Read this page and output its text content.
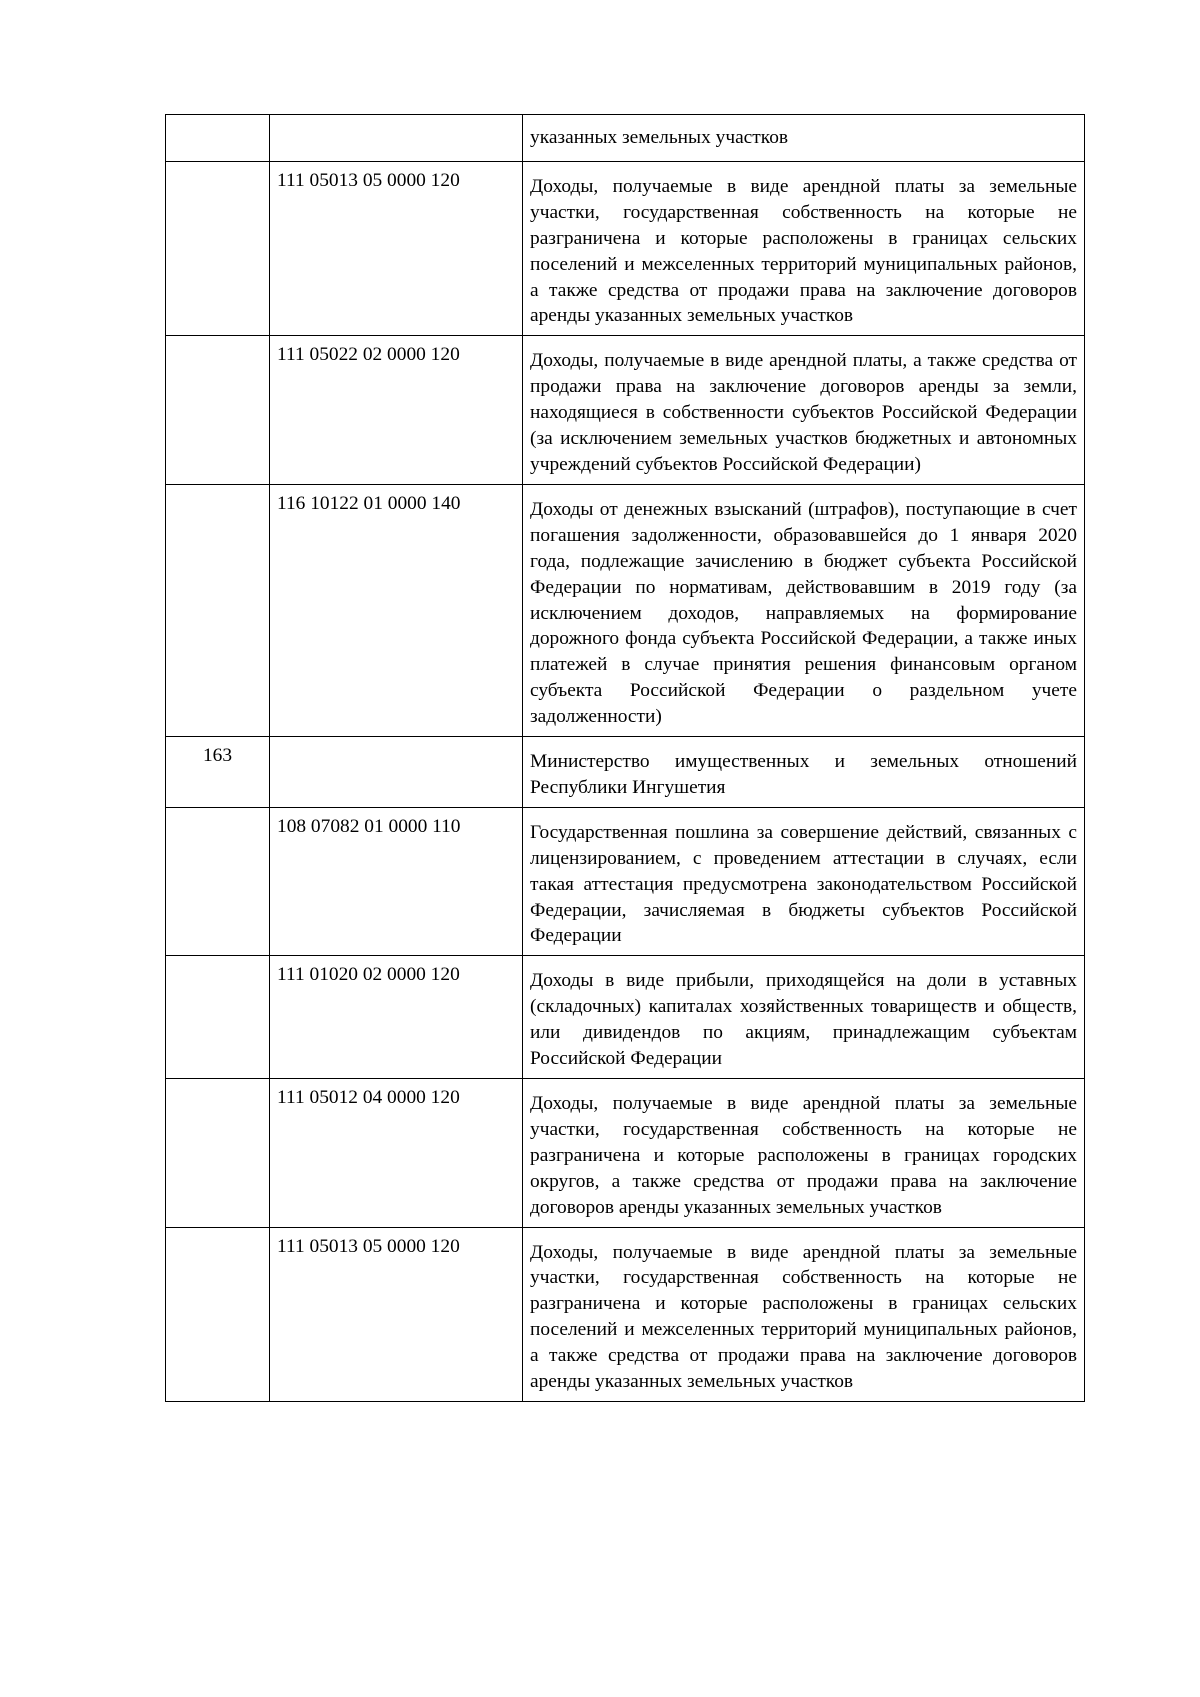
		указанных земельных участков
	111 05013 05 0000 120	Доходы, получаемые в виде арендной платы за земельные участки, государственная собственность на которые не разграничена и которые расположены в границах сельских поселений и межселенных территорий муниципальных районов, а также средства от продажи права на заключение договоров аренды указанных земельных участков
	111 05022 02 0000 120	Доходы, получаемые в виде арендной платы, а также средства от продажи права на заключение договоров аренды за земли, находящиеся в собственности субъектов Российской Федерации (за исключением земельных участков бюджетных и автономных учреждений субъектов Российской Федерации)
	116 10122 01 0000 140	Доходы от денежных взысканий (штрафов), поступающие в счет погашения задолженности, образовавшейся до 1 января 2020 года, подлежащие зачислению в бюджет субъекта Российской Федерации по нормативам, действовавшим в 2019 году (за исключением доходов, направляемых на формирование дорожного фонда субъекта Российской Федерации, а также иных платежей в случае принятия решения финансовым органом субъекта Российской Федерации о раздельном учете задолженности)
163		Министерство имущественных и земельных отношений Республики Ингушетия
	108 07082 01 0000 110	Государственная пошлина за совершение действий, связанных с лицензированием, с проведением аттестации в случаях, если такая аттестация предусмотрена законодательством Российской Федерации, зачисляемая в бюджеты субъектов Российской Федерации
	111 01020 02 0000 120	Доходы в виде прибыли, приходящейся на доли в уставных (складочных) капиталах хозяйственных товариществ и обществ, или дивидендов по акциям, принадлежащим субъектам Российской Федерации
	111 05012 04 0000 120	Доходы, получаемые в виде арендной платы за земельные участки, государственная собственность на которые не разграничена и которые расположены в границах городских округов, а также средства от продажи права на заключение договоров аренды указанных земельных участков
	111 05013 05 0000 120	Доходы, получаемые в виде арендной платы за земельные участки, государственная собственность на которые не разграничена и которые расположены в границах сельских поселений и межселенных территорий муниципальных районов, а также средства от продажи права на заключение договоров аренды указанных земельных участков
